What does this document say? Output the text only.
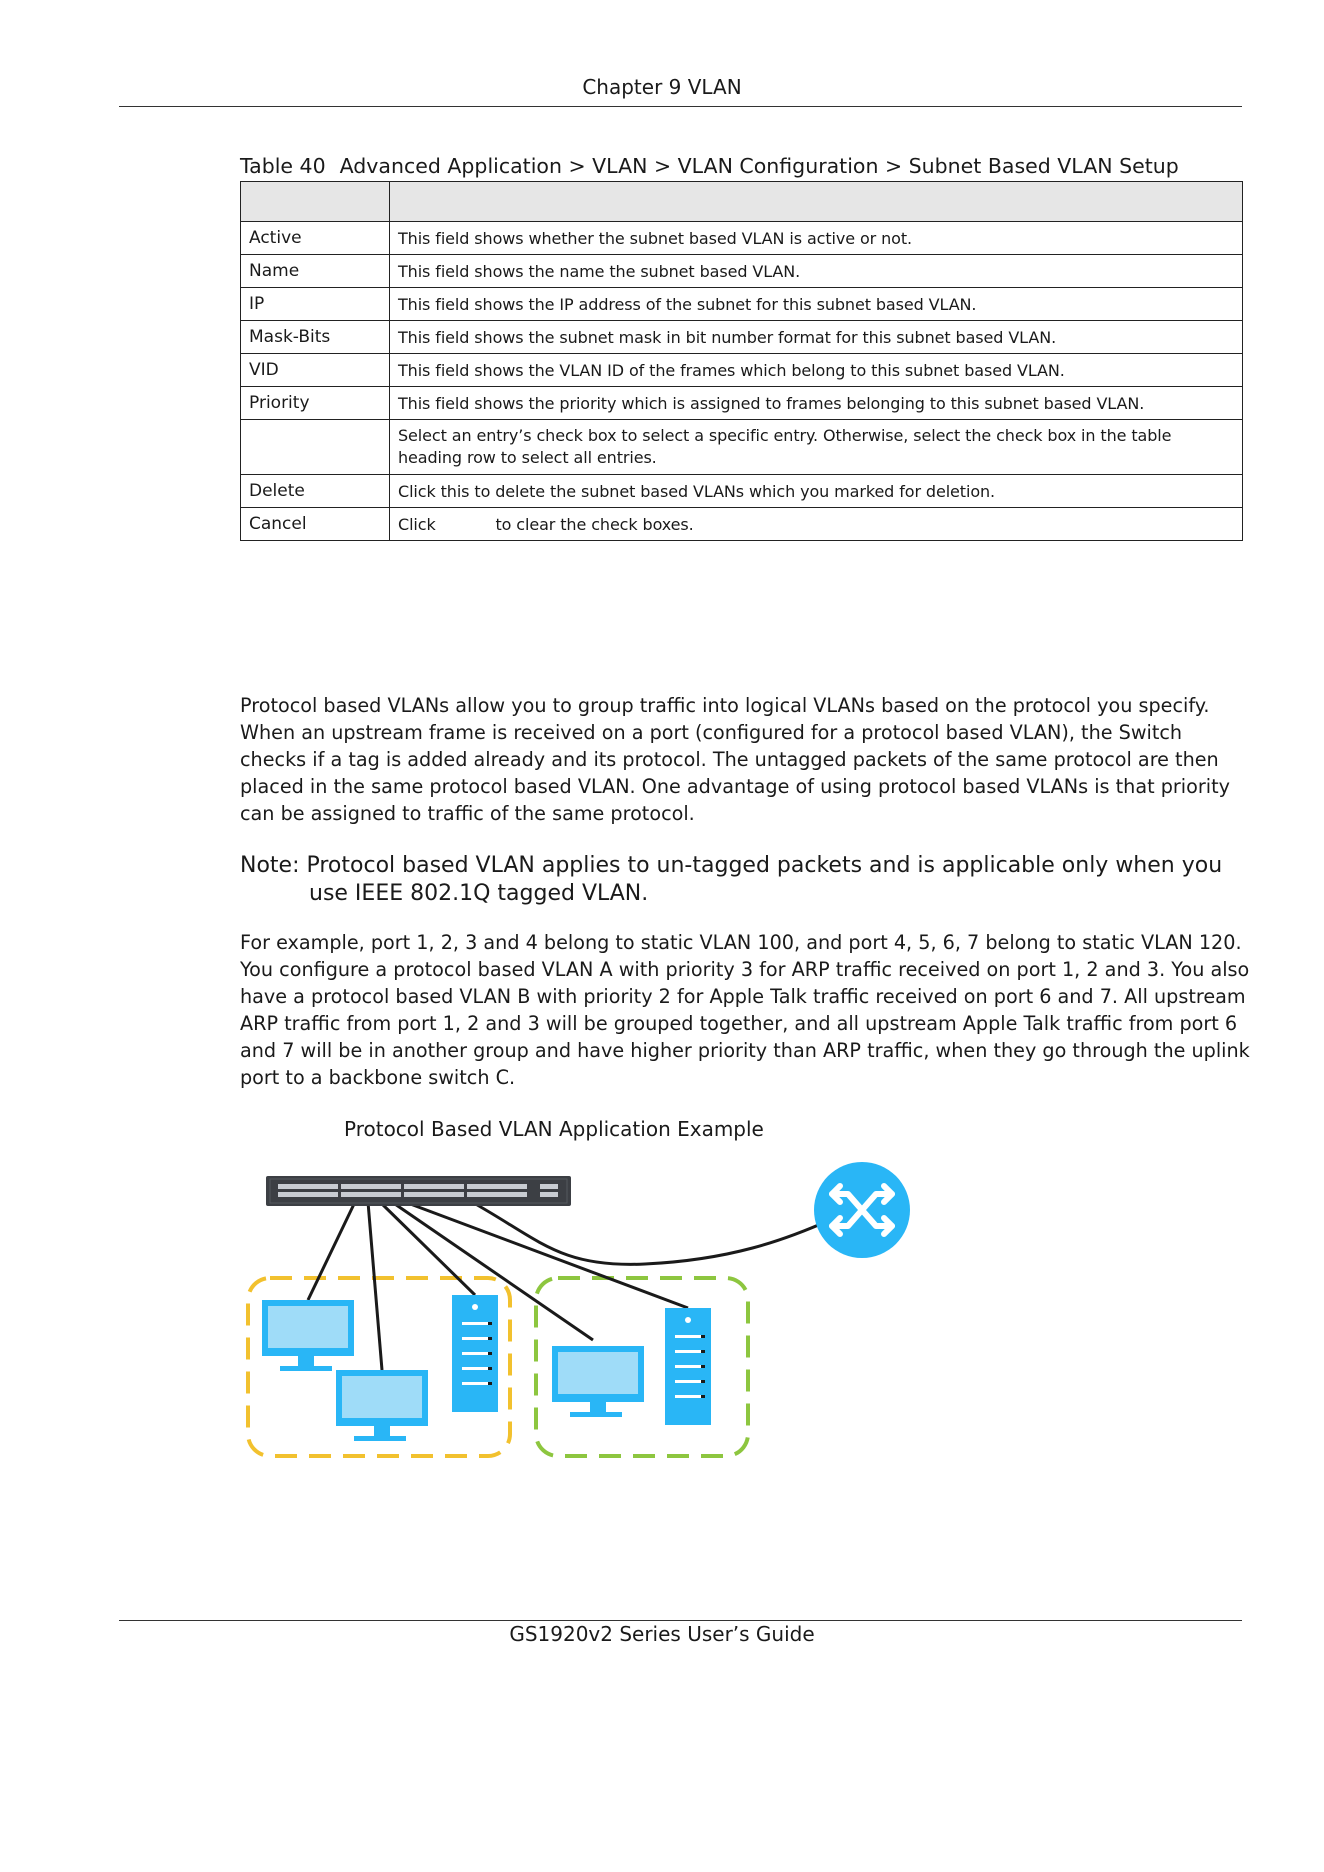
Chapter 9 VLAN
Table 40 Advanced Application > VLAN > VLAN Configuration > Subnet Based VLAN Setup

Active	This field shows whether the subnet based VLAN is active or not.
Name	This field shows the name the subnet based VLAN.
IP	This field shows the IP address of the subnet for this subnet based VLAN.
Mask-Bits	This field shows the subnet mask in bit number format for this subnet based VLAN.
VID	This field shows the VLAN ID of the frames which belong to this subnet based VLAN.
Priority	This field shows the priority which is assigned to frames belonging to this subnet based VLAN.
	Select an entry’s check box to select a specific entry. Otherwise, select the check box in the table heading row to select all entries.
Delete	Click this to delete the subnet based VLANs which you marked for deletion.
Cancel	Click            to clear the check boxes.
Protocol based VLANs allow you to group traffic into logical VLANs based on the protocol you specify. When an upstream frame is received on a port (configured for a protocol based VLAN), the Switch checks if a tag is added already and its protocol. The untagged packets of the same protocol are then placed in the same protocol based VLAN. One advantage of using protocol based VLANs is that priority can be assigned to traffic of the same protocol.
Note: Protocol based VLAN applies to un-tagged packets and is applicable only when you
use IEEE 802.1Q tagged VLAN.
For example, port 1, 2, 3 and 4 belong to static VLAN 100, and port 4, 5, 6, 7 belong to static VLAN 120. You configure a protocol based VLAN A with priority 3 for ARP traffic received on port 1, 2 and 3. You also have a protocol based VLAN B with priority 2 for Apple Talk traffic received on port 6 and 7. All upstream ARP traffic from port 1, 2 and 3 will be grouped together, and all upstream Apple Talk traffic from port 6 and 7 will be in another group and have higher priority than ARP traffic, when they go through the uplink port to a backbone switch C.
Protocol Based VLAN Application Example
GS1920v2 Series User’s Guide
